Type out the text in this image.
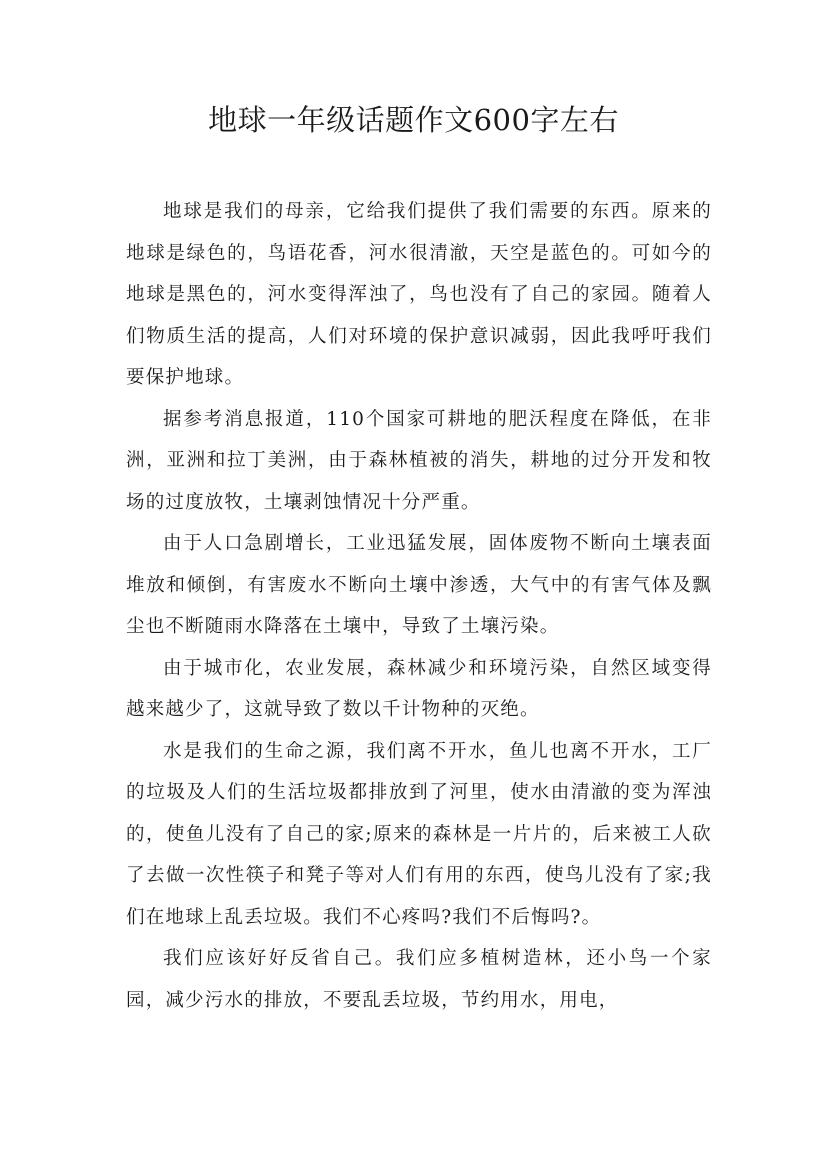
地球一年级话题作文600字左右

地球是我们的母亲，它给我们提供了我们需要的东西。原来的地球是绿色的，鸟语花香，河水很清澈，天空是蓝色的。可如今的地球是黑色的，河水变得浑浊了，鸟也没有了自己的家园。随着人们物质生活的提高，人们对环境的保护意识减弱，因此我呼吁我们要保护地球。

据参考消息报道，110个国家可耕地的肥沃程度在降低，在非洲，亚洲和拉丁美洲，由于森林植被的消失，耕地的过分开发和牧场的过度放牧，土壤剥蚀情况十分严重。

由于人口急剧增长，工业迅猛发展，固体废物不断向土壤表面堆放和倾倒，有害废水不断向土壤中渗透，大气中的有害气体及飘尘也不断随雨水降落在土壤中，导致了土壤污染。

由于城市化，农业发展，森林减少和环境污染，自然区域变得越来越少了，这就导致了数以千计物种的灭绝。

水是我们的生命之源，我们离不开水，鱼儿也离不开水，工厂的垃圾及人们的生活垃圾都排放到了河里，使水由清澈的变为浑浊的，使鱼儿没有了自己的家;原来的森林是一片片的，后来被工人砍了去做一次性筷子和凳子等对人们有用的东西，使鸟儿没有了家;我们在地球上乱丢垃圾。我们不心疼吗?我们不后悔吗?。

我们应该好好反省自己。我们应多植树造林，还小鸟一个家园，减少污水的排放，不要乱丢垃圾，节约用水，用电，
